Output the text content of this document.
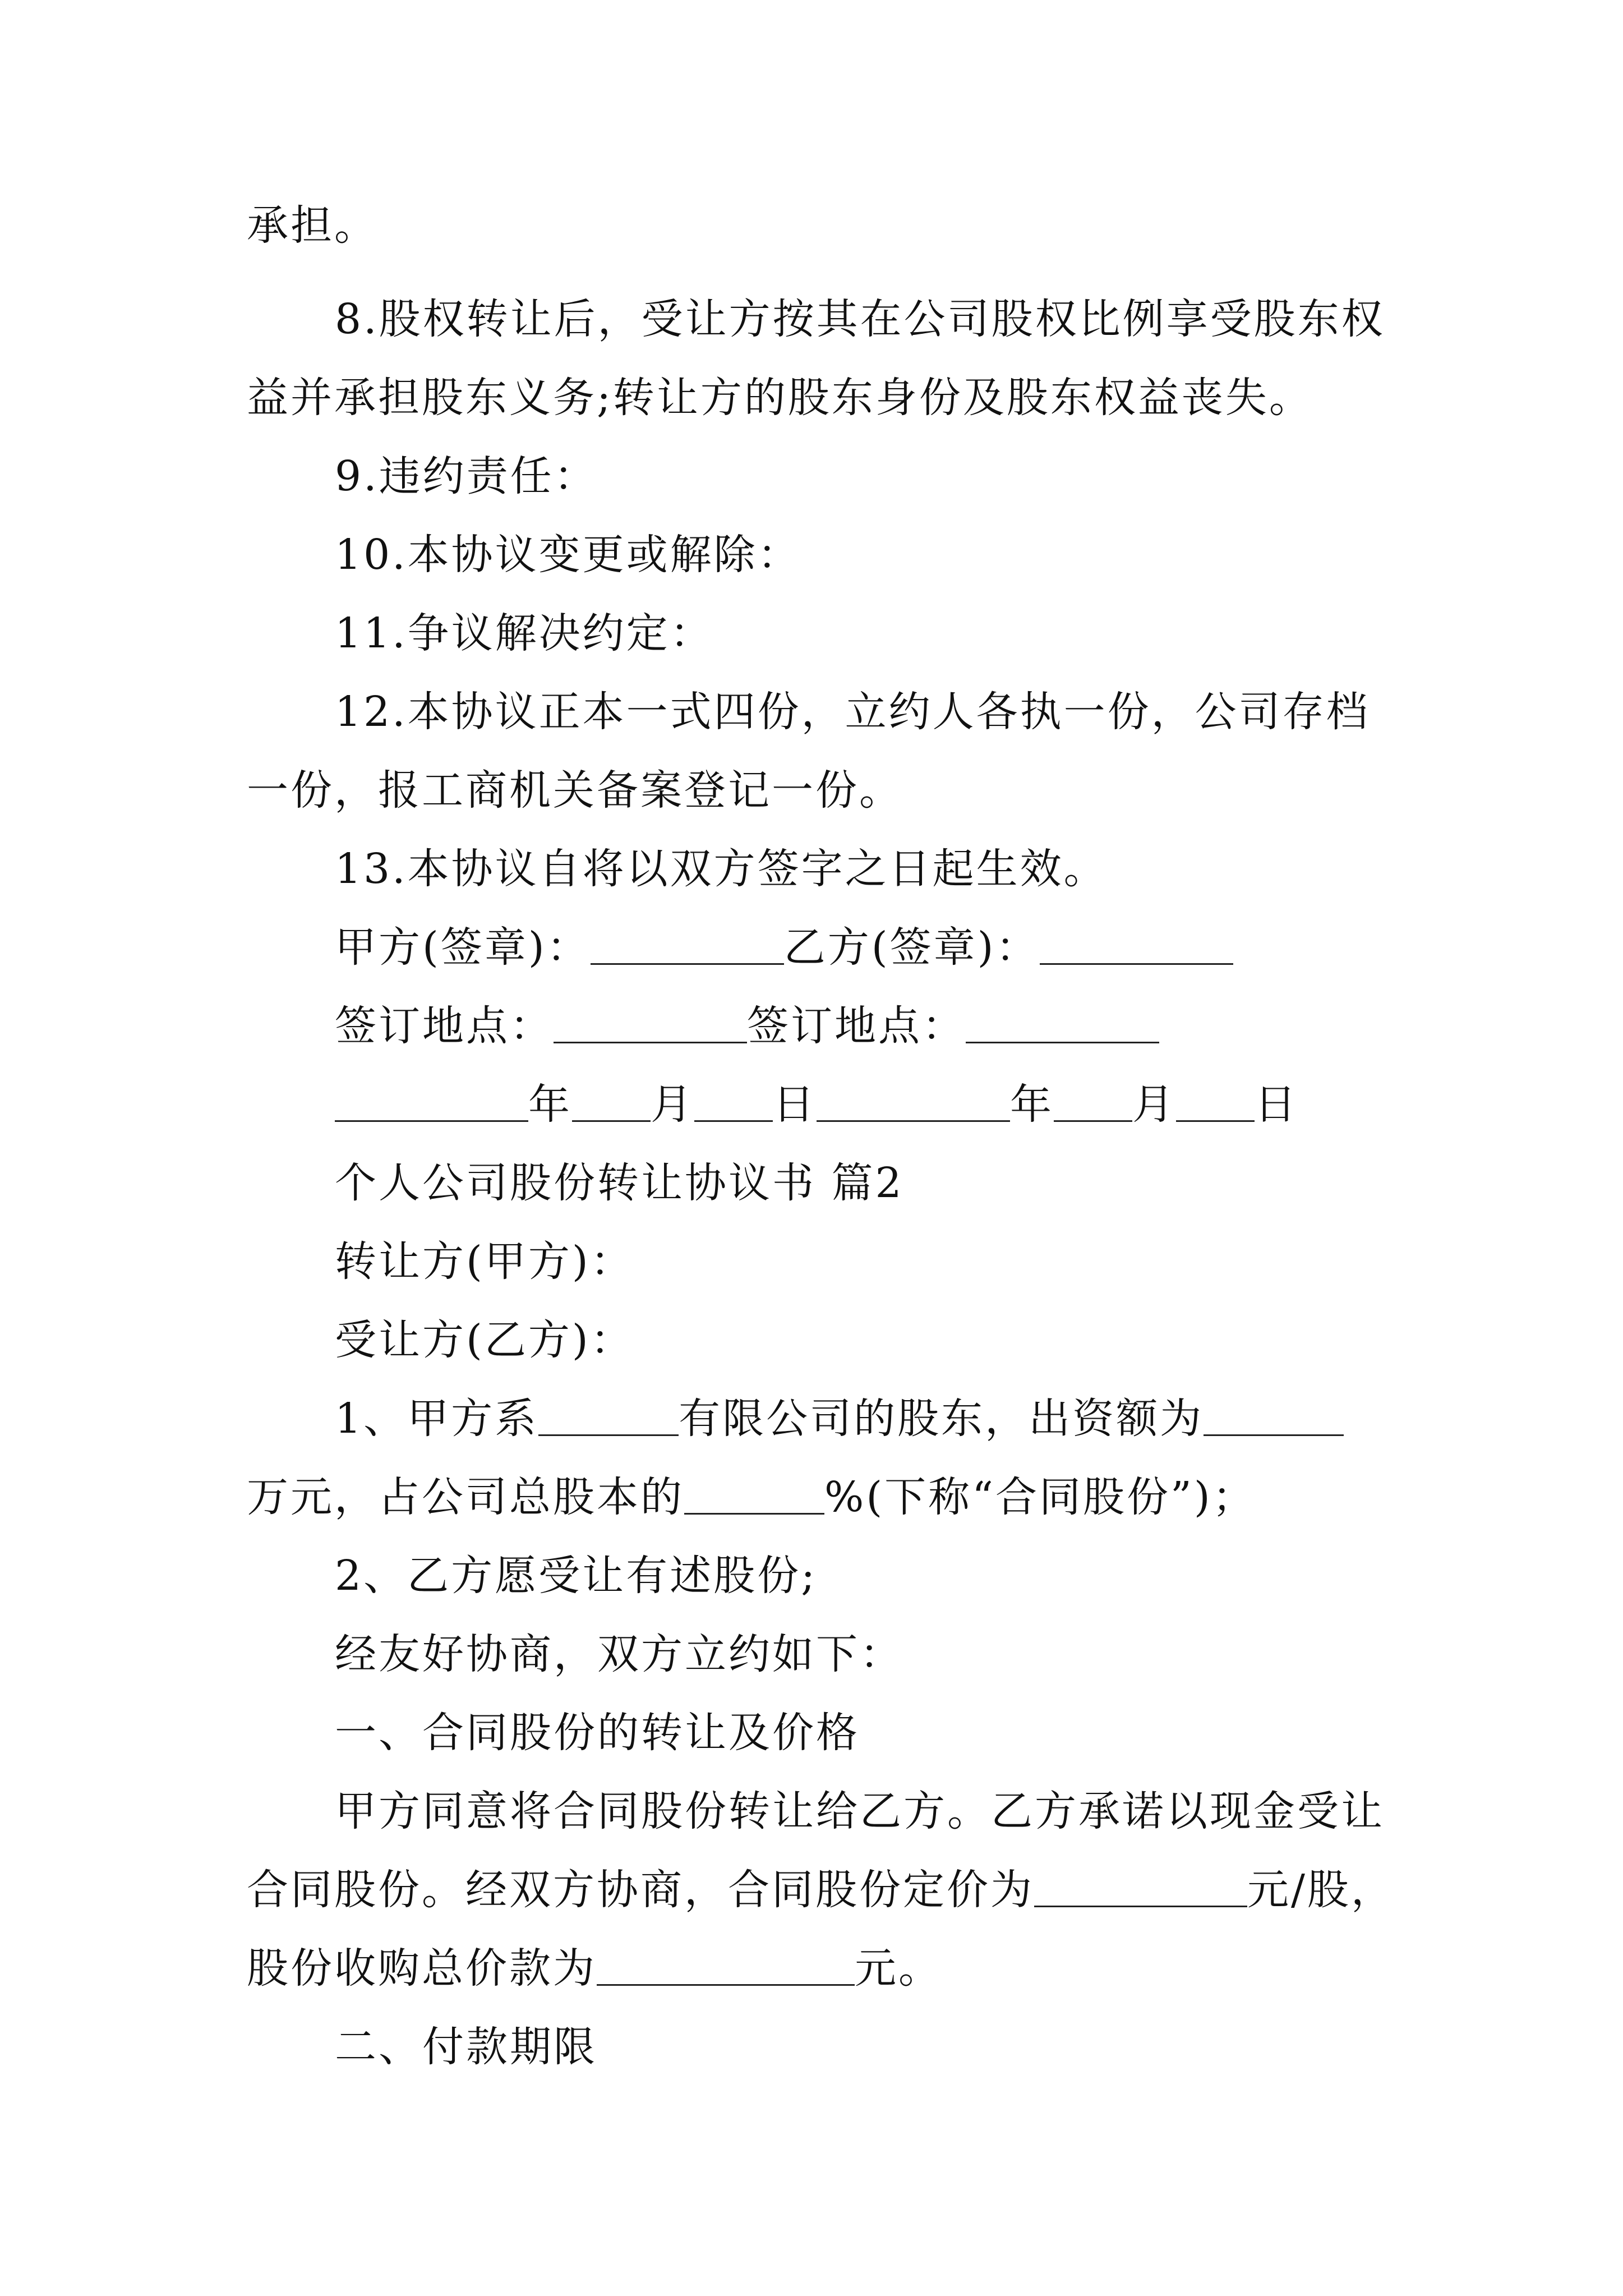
承担。
8.股权转让后，受让方按其在公司股权比例享受股东权
益并承担股东义务;转让方的股东身份及股东权益丧失。
9.违约责任：
10.本协议变更或解除：
11.争议解决约定：
12.本协议正本一式四份，立约人各执一份，公司存档
一份，报工商机关备案登记一份。
13.本协议自将以双方签字之日起生效。
甲方(签章)：	乙方(签章)：
签订地点：	签订地点：
年 月 日	年 月 日
个人公司股份转让协议书 篇2
转让方(甲方)：
受让方(乙方)：
1、甲方系	有限公司的股东，出资额为
万元，占公司总股本的	%(下称“合同股份”)；
2、乙方愿受让有述股份;
经友好协商，双方立约如下：
一、合同股份的转让及价格
甲方同意将合同股份转让给乙方。乙方承诺以现金受让
合同股份。经双方协商，合同股份定价为	元/股，
股份收购总价款为	元。
二、付款期限
